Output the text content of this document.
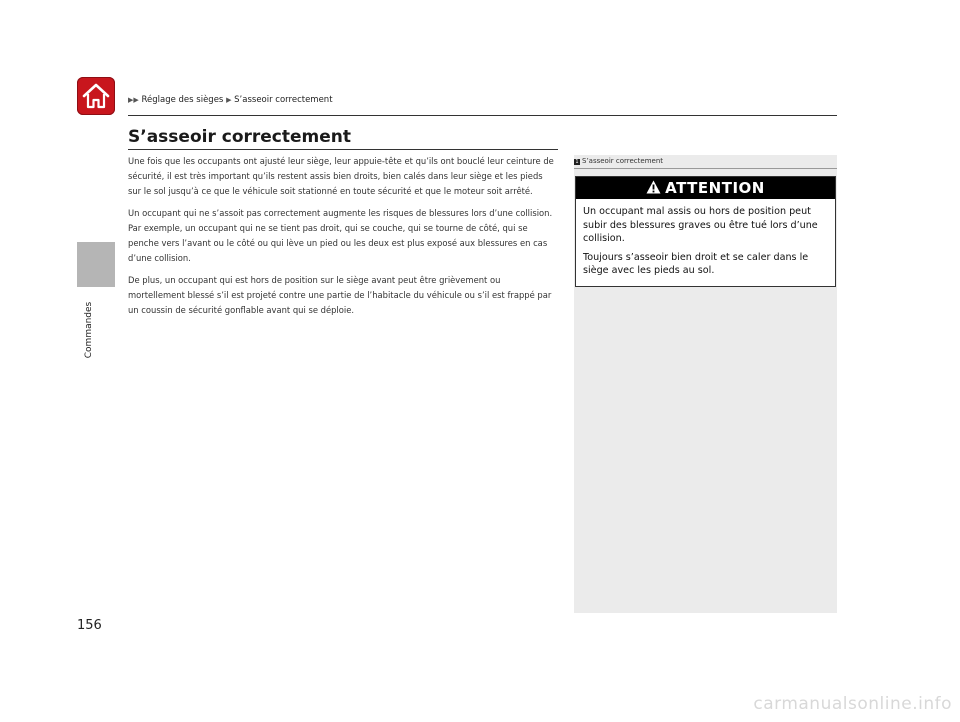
▶▶ Réglage des sièges ▶ S’asseoir correctement
Commandes
S’asseoir correctement

Une fois que les occupants ont ajusté leur siège, leur appuie-tête et qu’ils ont bouclé leur ceinture de sécurité, il est très important qu’ils restent assis bien droits, bien calés dans leur siège et les pieds sur le sol jusqu’à ce que le véhicule soit stationné en toute sécurité et que le moteur soit arrêté.

Un occupant qui ne s’assoit pas correctement augmente les risques de blessures lors d’une collision. Par exemple, un occupant qui ne se tient pas droit, qui se couche, qui se tourne de côté, qui se penche vers l’avant ou le côté ou qui lève un pied ou les deux est plus exposé aux blessures en cas d’une collision.

De plus, un occupant qui est hors de position sur le siège avant peut être grièvement ou mortellement blessé s’il est projeté contre une partie de l’habitacle du véhicule ou s’il est frappé par un coussin de sécurité gonflable avant qui se déploie.

1 S’asseoir correctement
ATTENTION

Un occupant mal assis ou hors de position peut subir des blessures graves ou être tué lors d’une collision.

Toujours s’asseoir bien droit et se caler dans le siège avec les pieds au sol.

156
carmanualsonline.info
